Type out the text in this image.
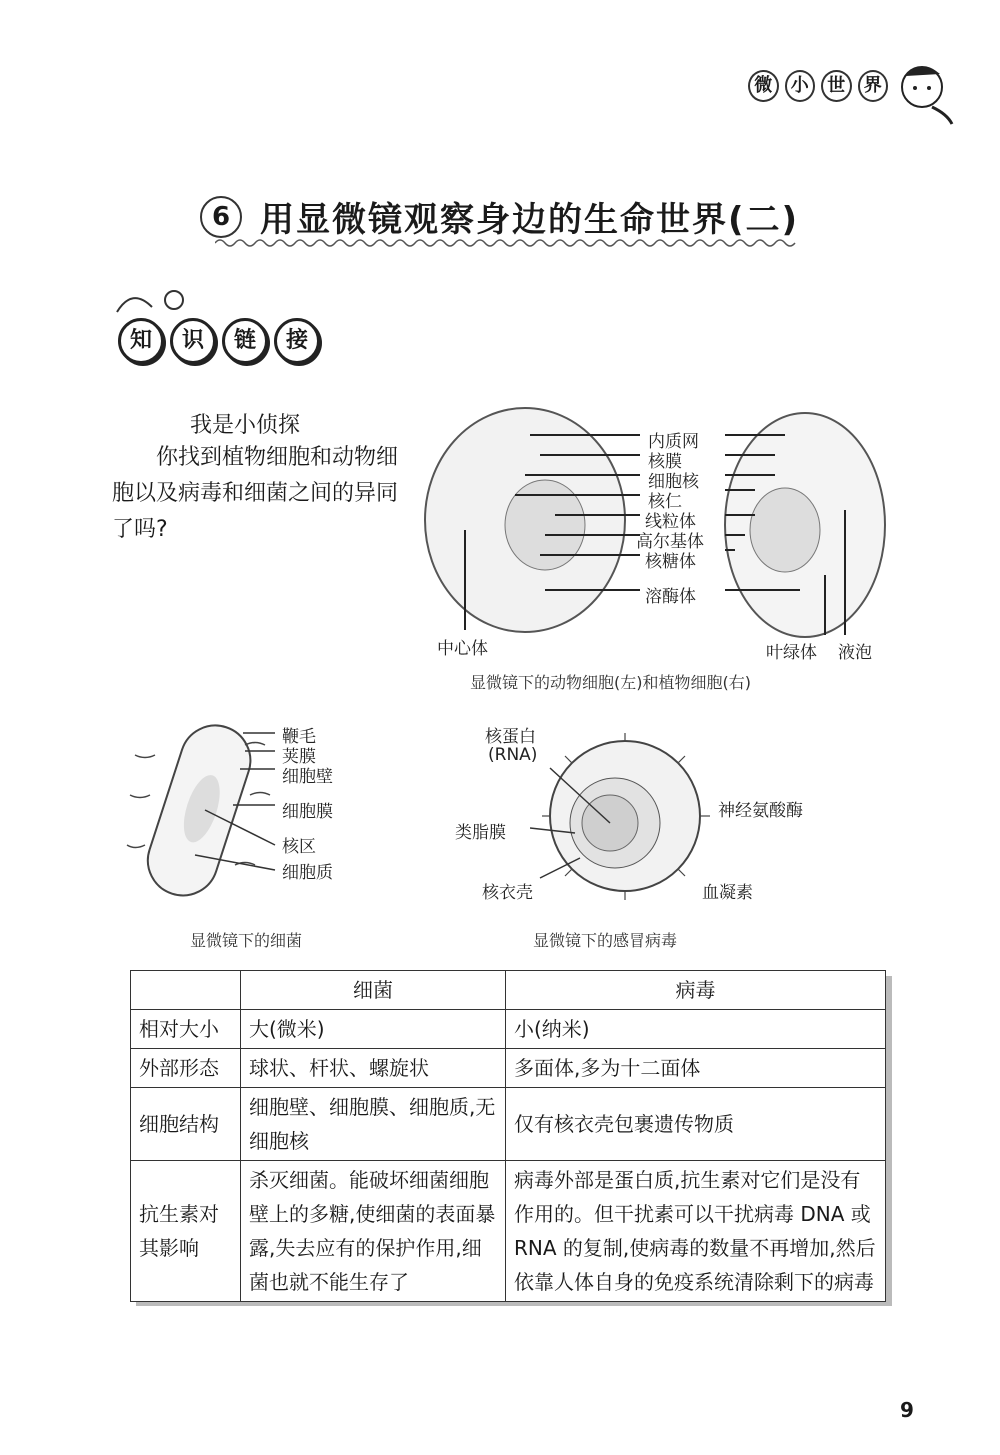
微	小	世	界
6 用显微镜观察身边的生命世界(二)
知	识	链	接
我是小侦探
你找到植物细胞和动物细胞以及病毒和细菌之间的异同了吗?
内质网
核膜
细胞核
核仁
线粒体
高尔基体
核糖体
溶酶体
中心体	叶绿体 液泡
显微镜下的动物细胞(左)和植物细胞(右)
鞭毛
荚膜
细胞壁
细胞膜
核区
细胞质
显微镜下的细菌
核蛋白
(RNA)
类脂膜
核衣壳
神经氨酸酶
血凝素
显微镜下的感冒病毒
	细菌	病毒
相对大小	大(微米)	小(纳米)
外部形态	球状、杆状、螺旋状	多面体,多为十二面体
细胞结构	细胞壁、细胞膜、细胞质,无细胞核	仅有核衣壳包裹遗传物质
抗生素对其影响	杀灭细菌。能破坏细菌细胞壁上的多糖,使细菌的表面暴露,失去应有的保护作用,细菌也就不能生存了	病毒外部是蛋白质,抗生素对它们是没有作用的。但干扰素可以干扰病毒 DNA 或 RNA 的复制,使病毒的数量不再增加,然后依靠人体自身的免疫系统清除剩下的病毒
9
